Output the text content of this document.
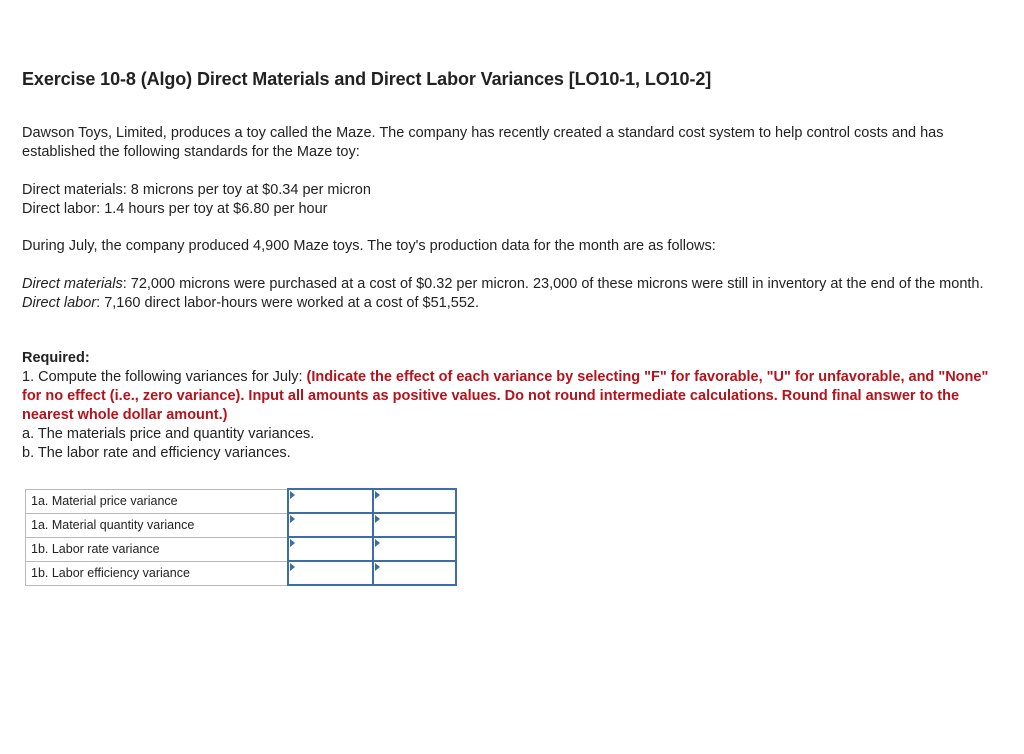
Exercise 10-8 (Algo) Direct Materials and Direct Labor Variances [LO10-1, LO10-2]

Dawson Toys, Limited, produces a toy called the Maze. The company has recently created a standard cost system to help control costs and has established the following standards for the Maze toy:

Direct materials: 8 microns per toy at $0.34 per micron
Direct labor: 1.4 hours per toy at $6.80 per hour

During July, the company produced 4,900 Maze toys. The toy's production data for the month are as follows:

Direct materials: 72,000 microns were purchased at a cost of $0.32 per micron. 23,000 of these microns were still in inventory at the end of the month.
Direct labor: 7,160 direct labor-hours were worked at a cost of $51,552.

Required:
1. Compute the following variances for July: (Indicate the effect of each variance by selecting "F" for favorable, "U" for unfavorable, and "None" for no effect (i.e., zero variance). Input all amounts as positive values. Do not round intermediate calculations. Round final answer to the nearest whole dollar amount.)
a. The materials price and quantity variances.
b. The labor rate and efficiency variances.

1a. Material price variance	

1a. Material quantity variance	

1b. Labor rate variance	

1b. Labor efficiency variance	
